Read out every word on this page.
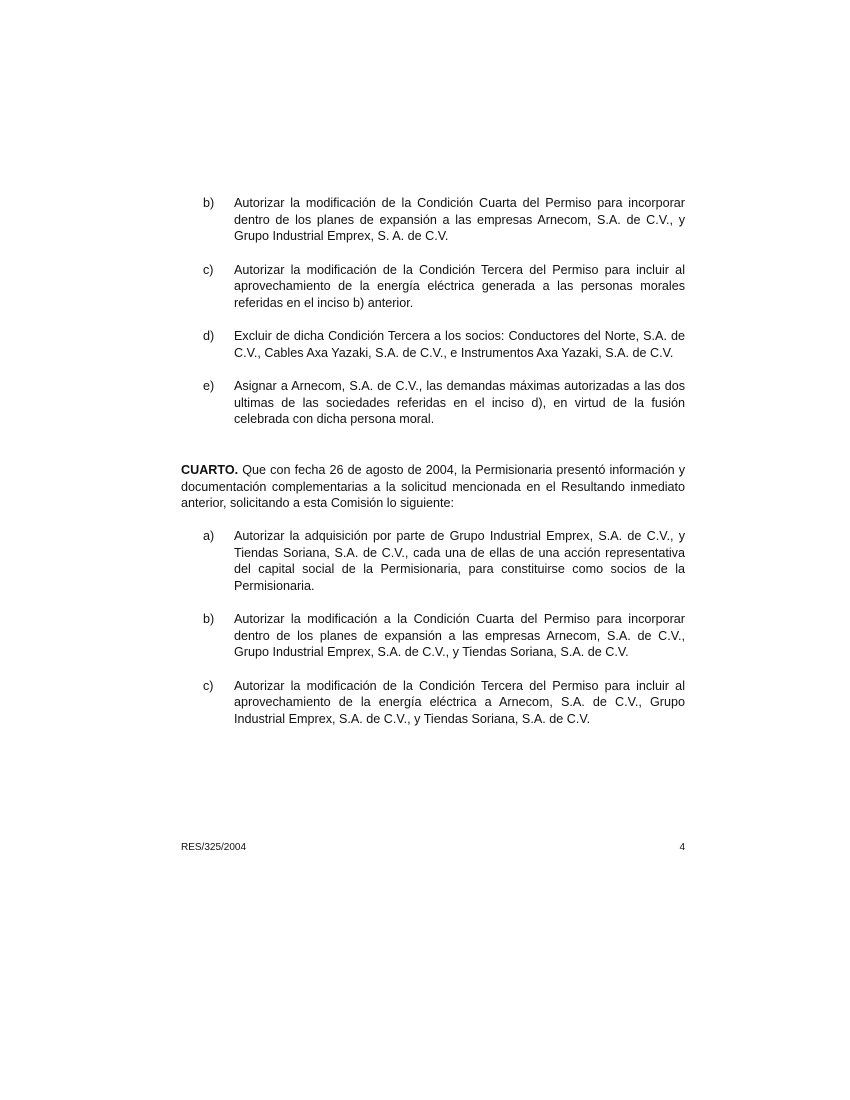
b)	Autorizar la modificación de la Condición Cuarta del Permiso para incorporar dentro de los planes de expansión a las empresas Arnecom, S.A. de C.V., y Grupo Industrial Emprex, S. A. de C.V.
c)	Autorizar la modificación de la Condición Tercera del Permiso para incluir al aprovechamiento de la energía eléctrica generada a las personas morales referidas en el inciso b) anterior.
d)	Excluir de dicha Condición Tercera a los socios: Conductores del Norte, S.A. de C.V., Cables Axa Yazaki, S.A. de C.V., e Instrumentos Axa Yazaki, S.A. de C.V.
e)	Asignar a Arnecom, S.A. de C.V., las demandas máximas autorizadas a las dos ultimas de las sociedades referidas en el inciso d), en virtud de la fusión celebrada con dicha persona moral.

CUARTO. Que con fecha 26 de agosto de 2004, la Permisionaria presentó información y documentación complementarias a la solicitud mencionada en el Resultando inmediato anterior, solicitando a esta Comisión lo siguiente:

a)	Autorizar la adquisición por parte de Grupo Industrial Emprex, S.A. de C.V., y Tiendas Soriana, S.A. de C.V., cada una de ellas de una acción representativa del capital social de la Permisionaria, para constituirse como socios de la Permisionaria.
b)	Autorizar la modificación a la Condición Cuarta del Permiso para incorporar dentro de los planes de expansión a las empresas Arnecom, S.A. de C.V., Grupo Industrial Emprex, S.A. de C.V., y Tiendas Soriana, S.A. de C.V.
c)	Autorizar la modificación de la Condición Tercera del Permiso para incluir al aprovechamiento de la energía eléctrica a Arnecom, S.A. de C.V., Grupo Industrial Emprex, S.A. de C.V., y Tiendas Soriana, S.A. de C.V.
RES/325/2004	4
